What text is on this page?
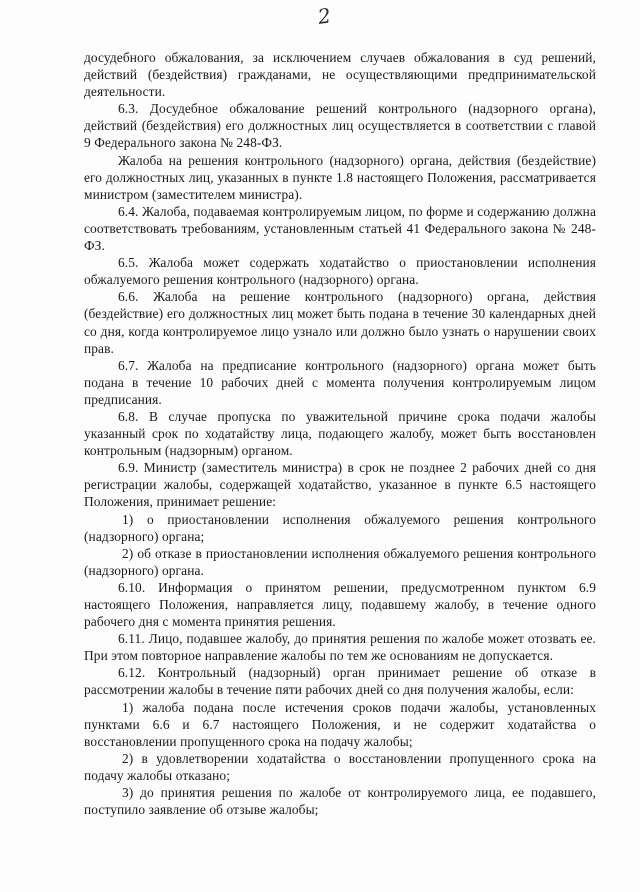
2

досудебного обжалования, за исключением случаев обжалования в суд решений, действий (бездействия) гражданами, не осуществляющими предпринимательской деятельности.

6.3. Досудебное обжалование решений контрольного (надзорного органа), действий (бездействия) его должностных лиц осуществляется в соответствии с главой 9 Федерального закона № 248-ФЗ.

Жалоба на решения контрольного (надзорного) органа, действия (бездействие) его должностных лиц, указанных в пункте 1.8 настоящего Положения, рассматривается министром (заместителем министра).

6.4. Жалоба, подаваемая контролируемым лицом, по форме и содержанию должна соответствовать требованиям, установленным статьей 41 Федерального закона № 248-ФЗ.

6.5. Жалоба может содержать ходатайство о приостановлении исполнения обжалуемого решения контрольного (надзорного) органа.

6.6. Жалоба на решение контрольного (надзорного) органа, действия (бездействие) его должностных лиц может быть подана в течение 30 календарных дней со дня, когда контролируемое лицо узнало или должно было узнать о нарушении своих прав.

6.7. Жалоба на предписание контрольного (надзорного) органа может быть подана в течение 10 рабочих дней с момента получения контролируемым лицом предписания.

6.8. В случае пропуска по уважительной причине срока подачи жалобы указанный срок по ходатайству лица, подающего жалобу, может быть восстановлен контрольным (надзорным) органом.

6.9. Министр (заместитель министра) в срок не позднее 2 рабочих дней со дня регистрации жалобы, содержащей ходатайство, указанное в пункте 6.5 настоящего Положения, принимает решение:

1) о приостановлении исполнения обжалуемого решения контрольного (надзорного) органа;

2) об отказе в приостановлении исполнения обжалуемого решения контрольного (надзорного) органа.

6.10. Информация о принятом решении, предусмотренном пунктом 6.9 настоящего Положения, направляется лицу, подавшему жалобу, в течение одного рабочего дня с момента принятия решения.

6.11. Лицо, подавшее жалобу, до принятия решения по жалобе может отозвать ее. При этом повторное направление жалобы по тем же основаниям не допускается.

6.12. Контрольный (надзорный) орган принимает решение об отказе в рассмотрении жалобы в течение пяти рабочих дней со дня получения жалобы, если:

1) жалоба подана после истечения сроков подачи жалобы, установленных пунктами 6.6 и 6.7 настоящего Положения, и не содержит ходатайства о восстановлении пропущенного срока на подачу жалобы;

2) в удовлетворении ходатайства о восстановлении пропущенного срока на подачу жалобы отказано;

3) до принятия решения по жалобе от контролируемого лица, ее подавшего, поступило заявление об отзыве жалобы;
